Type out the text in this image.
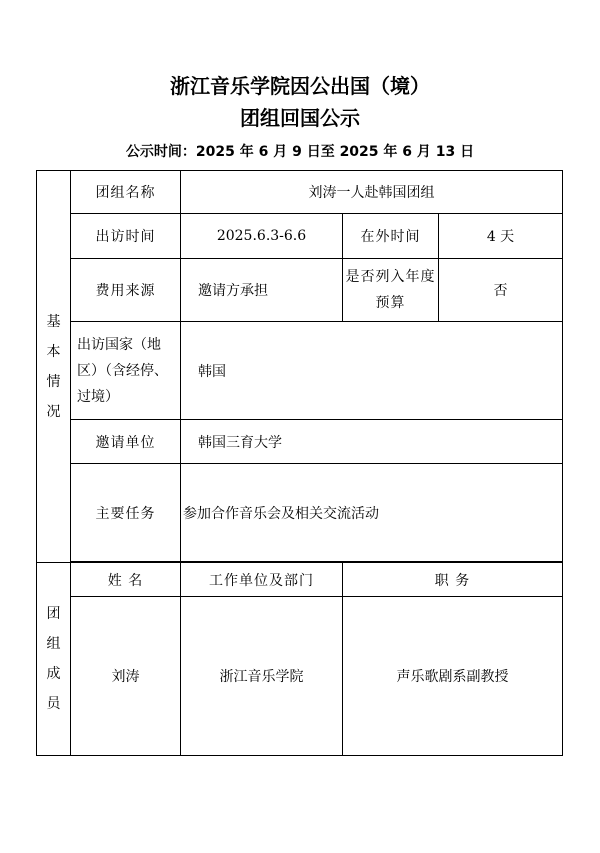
浙江音乐学院因公出国（境）
团组回国公示
公示时间：2025 年 6 月 9 日至 2025 年 6 月 13 日
基
本
情
况	团组名称	刘涛一人赴韩国团组		
	出访时间	2025.6.3-6.6	在外时间	4 天
	费用来源	邀请方承担	是否列入年度预算	否
	出访国家（地区）（含经停、过境）	韩国		
	邀请单位	韩国三育大学		
	主要任务	参加合作音乐会及相关交流活动		

团
组
成
员	姓 名	工作单位及部门	职 务	
	刘涛	浙江音乐学院	声乐歌剧系副教授	
